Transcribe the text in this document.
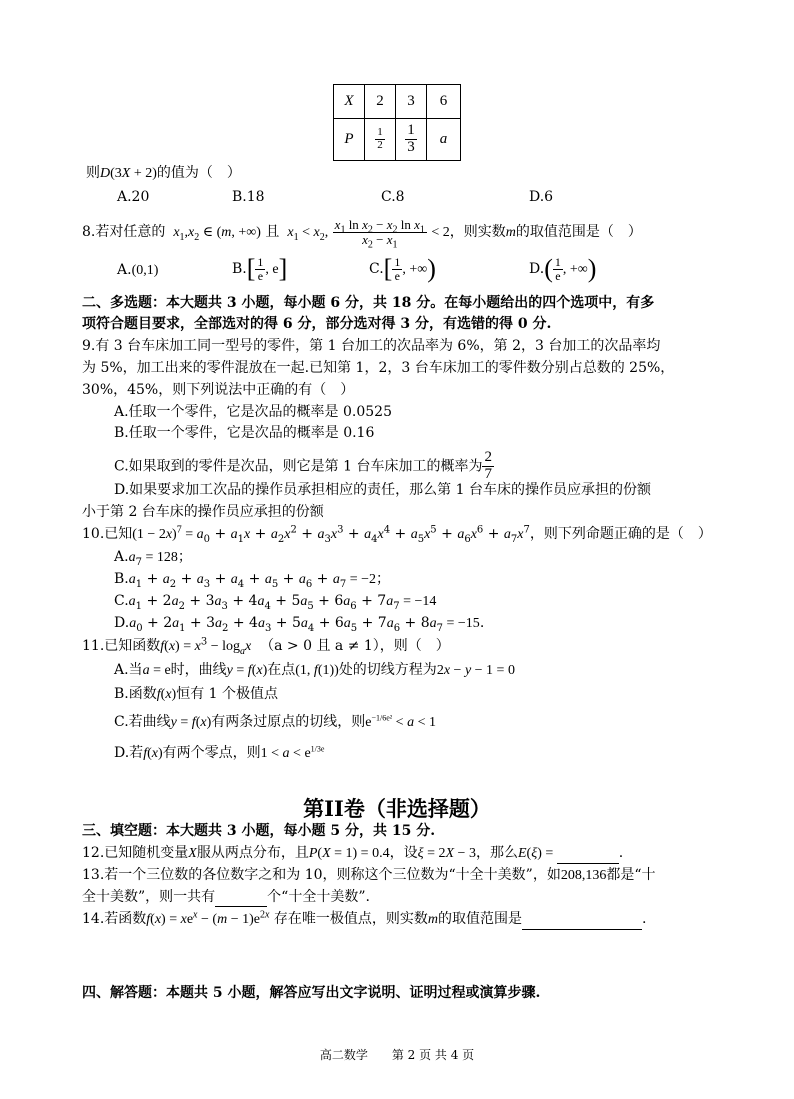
X	2	3	6
P	$\frac{1}{2}$	$\frac{1}{3}$	a
则D(3X + 2)的值为（　）
A.20	B.18	C.8	D.6
8.若对任意的  $x_1,x_2$ ∈ (m, +∞) 且  $x_1 < x_2$, $\frac{x_1 \ln x_2 - x_2 \ln x_1}{x_2 - x_1} < 2$，则实数m的取值范围是（　）
A.(0,1)	$B.[ \frac{1}{e}$ , e]	$C.[ \frac{1}{e}$ , +∞)	$D.( \frac{1}{e}$ , +∞)
二、多选题：本大题共 3 小题，每小题 6 分，共 18 分。在每小题给出的四个选项中，有多
项符合题目要求，全部选对的得 6 分，部分选对得 3 分，有选错的得 0 分.
9.有 3 台车床加工同一型号的零件，第 1 台加工的次品率为 6%，第 2，3 台加工的次品率均
为 5%，加工出来的零件混放在一起.已知第 1，2，3 台车床加工的零件数分别占总数的 25%，
30%，45%，则下列说法中正确的有（　）
A.任取一个零件，它是次品的概率是 0.0525
B.任取一个零件，它是次品的概率是 0.16
C.如果取到的零件是次品，则它是第 1 台车床加工的概率为 $\frac{2}{7}$
D.如果要求加工次品的操作员承担相应的责任，那么第 1 台车床的操作员应承担的份额
小于第 2 台车床的操作员应承担的份额
10.已知$(1 - 2x)^7 = a_0 + a_1x + a_2x^2 + a_3x^3 + a_4x^4 + a_5x^5 + a_6x^6 + a_7x^7$，则下列命题正确的是（　）
$A.a_7 = 128$；
$B.a_1 + a_2 + a_3 + a_4 + a_5 + a_6 + a_7 = -2$；
$C.a_1 + 2a_2 + 3a_3 + 4a_4 + 5a_5 + 6a_6 + 7a_7 = -14$
$D.a_0 + 2a_1 + 3a_2 + 4a_3 + 5a_4 + 6a_5 + 7a_6 + 8a_7 = -15$.
11.已知函数$f(x) = x^3 - \log_ax$ （a > 0 且 a ≠ 1），则（　）
A.当a = e时，曲线y = f(x)在点(1, f(1))处的切线方程为2x − y − 1 = 0
B.函数f(x)恒有 1 个极值点
C.若曲线y = f(x)有两条过原点的切线，则$e^{-1/6e^2} < a < 1$
D.若f(x)有两个零点，则$1 < a < e^{1/3e}$
第II卷（非选择题）
三、填空题：本大题共 3 小题，每小题 5 分，共 15 分.
12.已知随机变量X服从两点分布，且P(X = 1) = 0.4，设ξ = 2X − 3，那么E(ξ) =	.
13.若一个三位数的各位数字之和为 10，则称这个三位数为“十全十美数”，如208,136都是“十
全十美数”，则一共有	个“十全十美数”.
14.若函数$f(x) = xe^x - (m - 1)e^{2x}$ 存在唯一极值点，则实数m的取值范围是	.
四、解答题：本题共 5 小题，解答应写出文字说明、证明过程或演算步骤.
高二数学　　第 2 页 共 4 页
